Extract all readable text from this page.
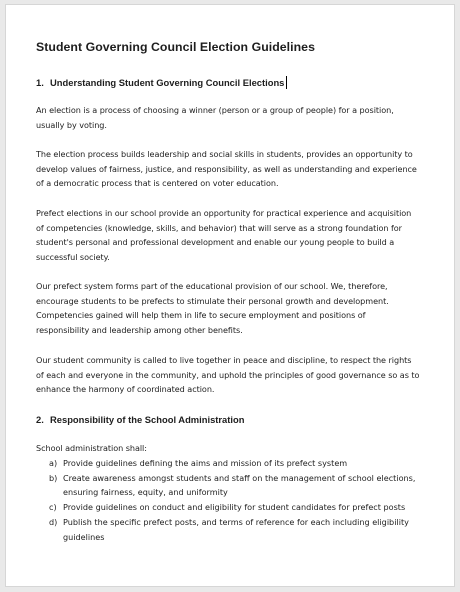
Student Governing Council Election Guidelines
1. Understanding Student Governing Council Elections

An election is a process of choosing a winner (person or a group of people) for a position,
usually by voting.

The election process builds leadership and social skills in students, provides an opportunity to
develop values of fairness, justice, and responsibility, as well as understanding and experience
of a democratic process that is centered on voter education.

Prefect elections in our school provide an opportunity for practical experience and acquisition
of competencies (knowledge, skills, and behavior) that will serve as a strong foundation for
student's personal and professional development and enable our young people to build a
successful society.

Our prefect system forms part of the educational provision of our school. We, therefore,
encourage students to be prefects to stimulate their personal growth and development.
Competencies gained will help them in life to secure employment and positions of
responsibility and leadership among other benefits.

Our student community is called to live together in peace and discipline, to respect the rights
of each and everyone in the community, and uphold the principles of good governance so as to
enhance the harmony of coordinated action.

2. Responsibility of the School Administration

School administration shall:

a) Provide guidelines defining the aims and mission of its prefect system
b) Create awareness amongst students and staff on the management of school elections,
ensuring fairness, equity, and uniformity
c) Provide guidelines on conduct and eligibility for student candidates for prefect posts
d) Publish the specific prefect posts, and terms of reference for each including eligibility
guidelines
